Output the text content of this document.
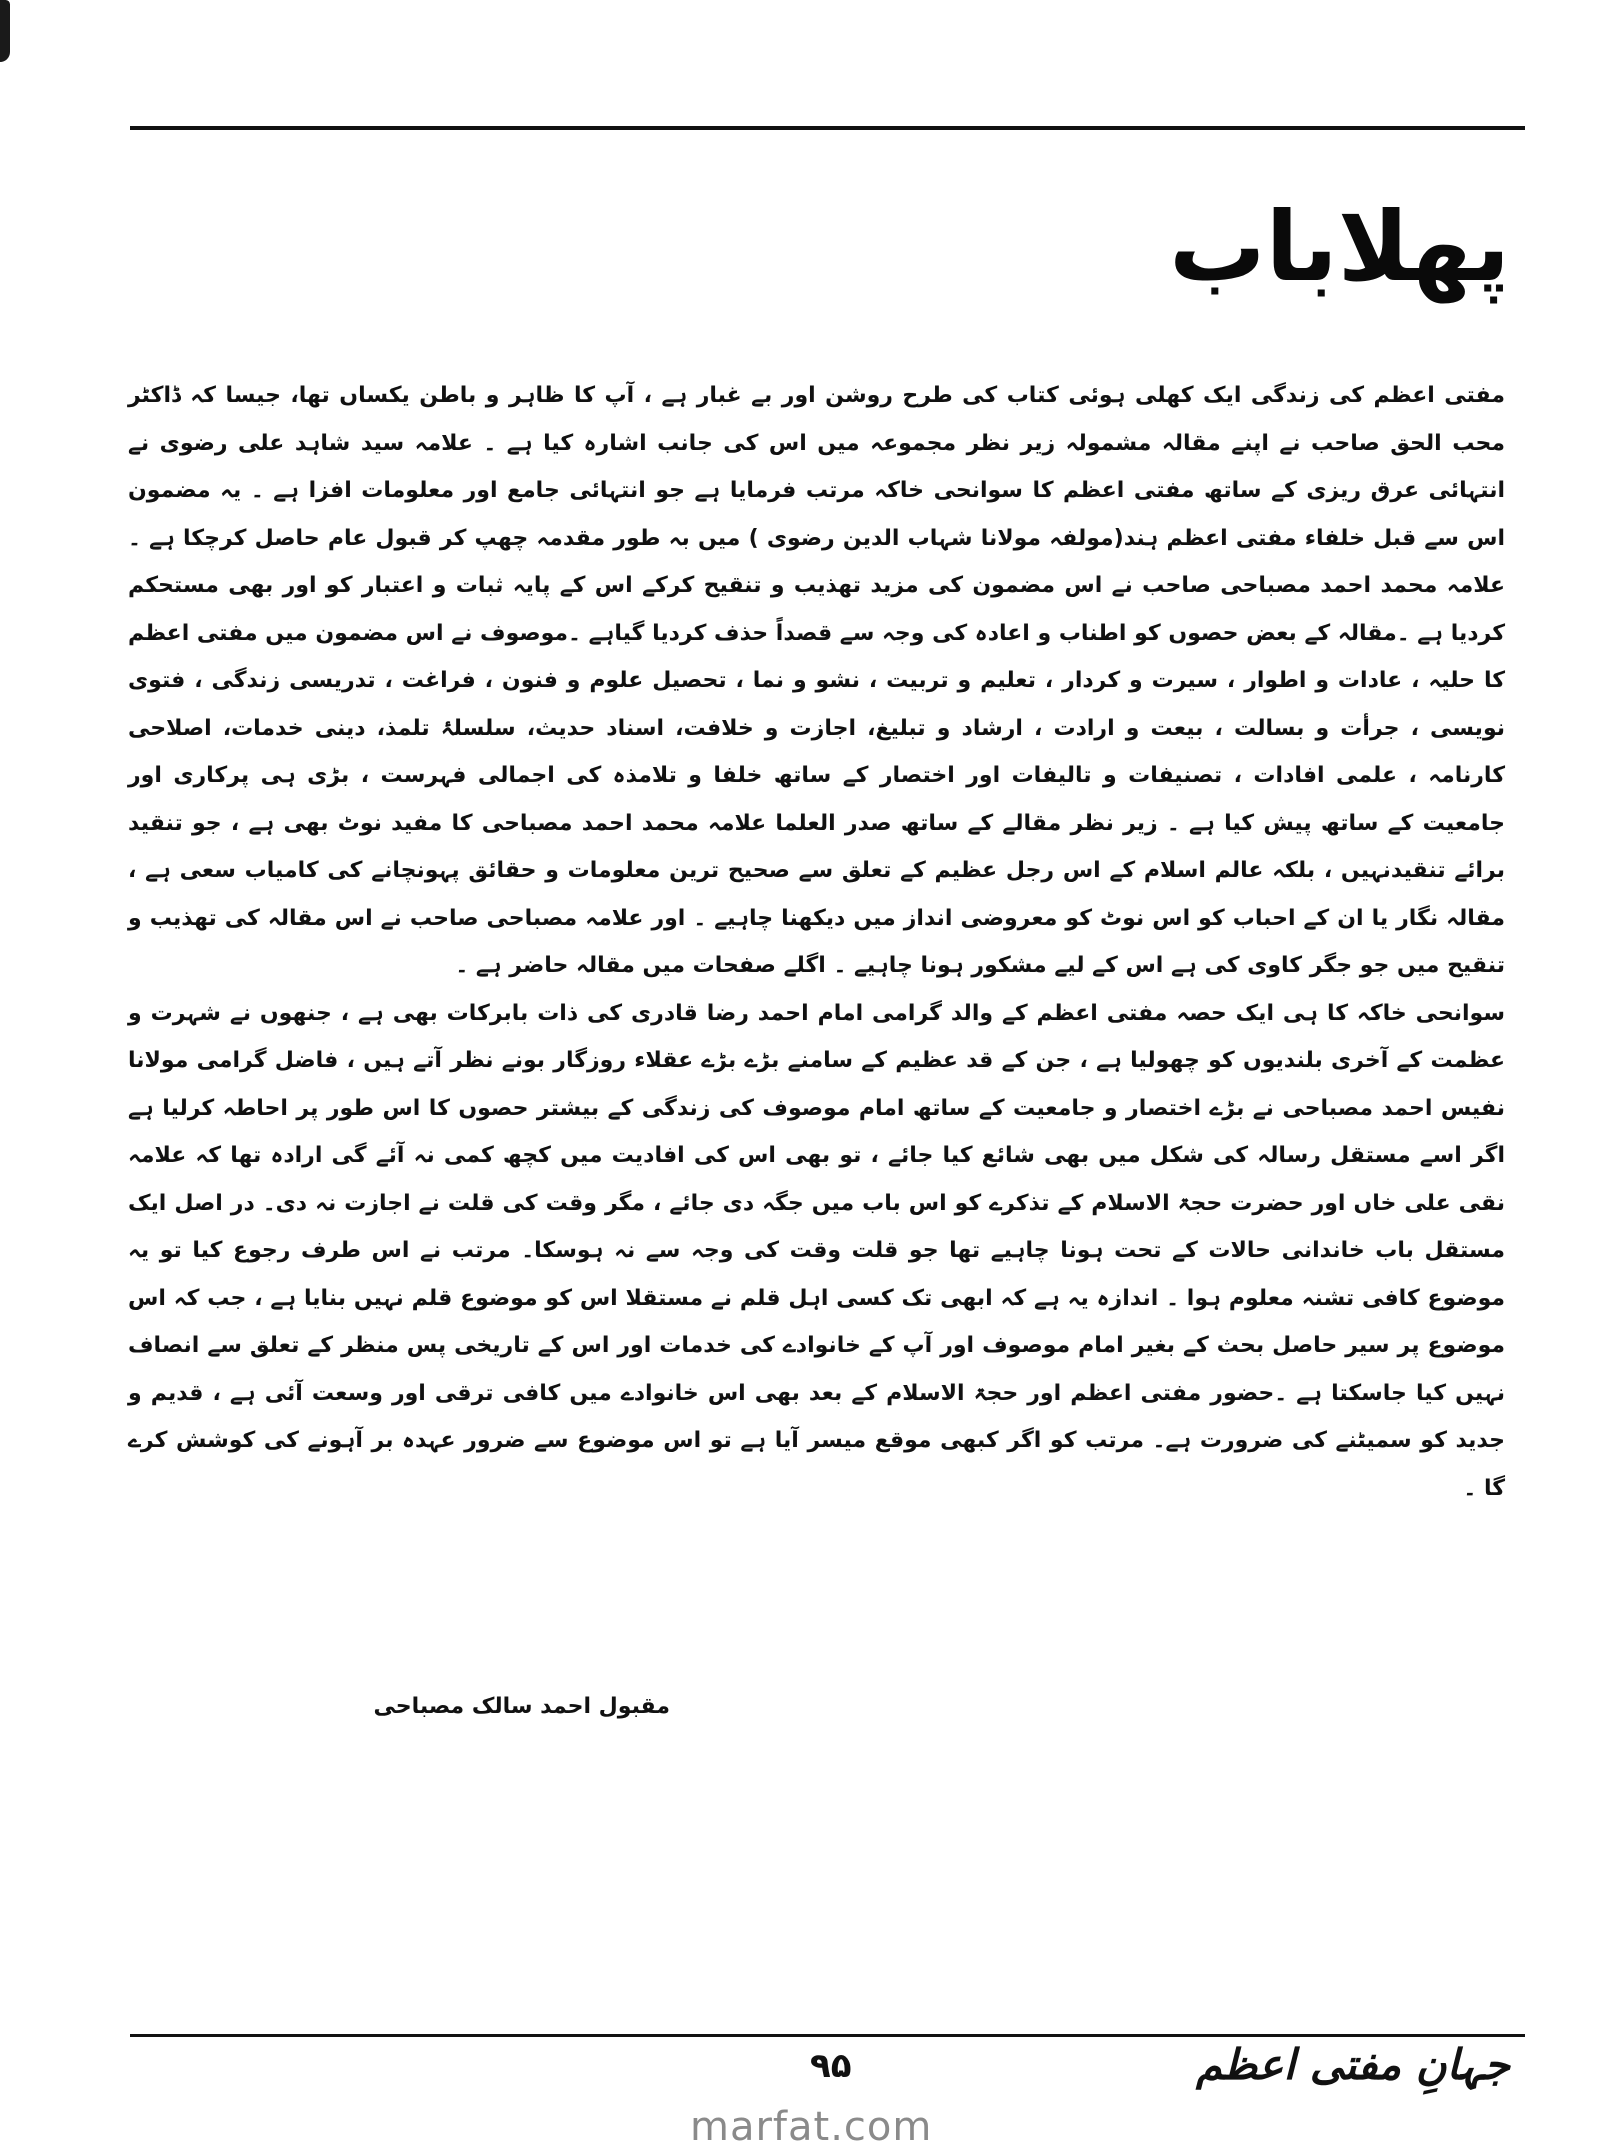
پهلاباب

مفتی اعظم کی زندگی ایک کھلی ہوئی کتاب کی طرح روشن اور بے غبار ہے ، آپ کا ظاہر و باطن یکساں تھا، جیسا کہ ڈاکٹر محب الحق صاحب نے اپنے مقالہ مشمولہ زیر نظر مجموعہ میں اس کی جانب اشارہ کیا ہے ۔ علامہ سید شاہد علی رضوی نے انتہائی عرق ریزی کے ساتھ مفتی اعظم کا سوانحی خاکہ مرتب فرمایا ہے جو انتہائی جامع اور معلومات افزا ہے ۔ یہ مضمون اس سے قبل خلفاء مفتی اعظم ہند(مولفہ مولانا شہاب الدین رضوی ) میں بہ طور مقدمہ چھپ کر قبول عام حاصل کرچکا ہے ۔ علامہ محمد احمد مصباحی صاحب نے اس مضمون کی مزید تھذیب و تنقیح کرکے اس کے پایہ ثبات و اعتبار کو اور بھی مستحکم کردیا ہے ۔مقالہ کے بعض حصوں کو اطناب و اعادہ کی وجہ سے قصداً حذف کردیا گیاہے ۔موصوف نے اس مضمون میں مفتی اعظم کا حلیہ ، عادات و اطوار ، سیرت و کردار ، تعلیم و تربیت ، نشو و نما ، تحصیل علوم و فنون ، فراغت ، تدریسی زندگی ، فتوی نویسی ، جرأت و بسالت ، بیعت و ارادت ، ارشاد و تبلیغ، اجازت و خلافت، اسناد حدیث، سلسلۂ تلمذ، دینی خدمات، اصلاحی کارنامہ ، علمی افادات ، تصنیفات و تالیفات اور اختصار کے ساتھ خلفا و تلامذہ کی اجمالی فہرست ، بڑی ہی پرکاری اور جامعیت کے ساتھ پیش کیا ہے ۔ زیر نظر مقالے کے ساتھ صدر العلما علامہ محمد احمد مصباحی کا مفید نوٹ بھی ہے ، جو تنقید برائے تنقیدنہیں ، بلکہ عالم اسلام کے اس رجل عظیم کے تعلق سے صحیح ترین معلومات و حقائق پہونچانے کی کامیاب سعی ہے ، مقالہ نگار یا ان کے احباب کو اس نوٹ کو معروضی انداز میں دیکھنا چاہیے ۔ اور علامہ مصباحی صاحب نے اس مقالہ کی تھذیب و تنقیح میں جو جگر کاوی کی ہے اس کے لیے مشکور ہونا چاہیے ۔ اگلے صفحات میں مقالہ حاضر ہے ۔

سوانحی خاکہ کا ہی ایک حصہ مفتی اعظم کے والد گرامی امام احمد رضا قادری کی ذات بابرکات بھی ہے ، جنھوں نے شہرت و عظمت کے آخری بلندیوں کو چھولیا ہے ، جن کے قد عظیم کے سامنے بڑے بڑے عقلاء روزگار بونے نظر آتے ہیں ، فاضل گرامی مولانا نفیس احمد مصباحی نے بڑے اختصار و جامعیت کے ساتھ امام موصوف کی زندگی کے بیشتر حصوں کا اس طور پر احاطہ کرلیا ہے اگر اسے مستقل رسالہ کی شکل میں بھی شائع کیا جائے ، تو بھی اس کی افادیت میں کچھ کمی نہ آئے گی ارادہ تھا کہ علامہ نقی علی خاں اور حضرت حجۃ الاسلام کے تذکرے کو اس باب میں جگہ دی جائے ، مگر وقت کی قلت نے اجازت نہ دی۔ در اصل ایک مستقل باب خاندانی حالات کے تحت ہونا چاہیے تھا جو قلت وقت کی وجہ سے نہ ہوسکا۔ مرتب نے اس طرف رجوع کیا تو یہ موضوع کافی تشنہ معلوم ہوا ۔ اندازہ یہ ہے کہ ابھی تک کسی اہل قلم نے مستقلا اس کو موضوع قلم نہیں بنایا ہے ، جب کہ اس موضوع پر سیر حاصل بحث کے بغیر امام موصوف اور آپ کے خانوادے کی خدمات اور اس کے تاریخی پس منظر کے تعلق سے انصاف نہیں کیا جاسکتا ہے ۔حضور مفتی اعظم اور حجۃ الاسلام کے بعد بھی اس خانوادے میں کافی ترقی اور وسعت آئی ہے ، قدیم و جدید کو سمیٹنے کی ضرورت ہے۔ مرتب کو اگر کبھی موقع میسر آیا ہے تو اس موضوع سے ضرور عہدہ بر آہونے کی کوشش کرے گا ۔

مقبول احمد سالک مصباحی
۹۵	جہانِ مفتی اعظم
marfat.com
